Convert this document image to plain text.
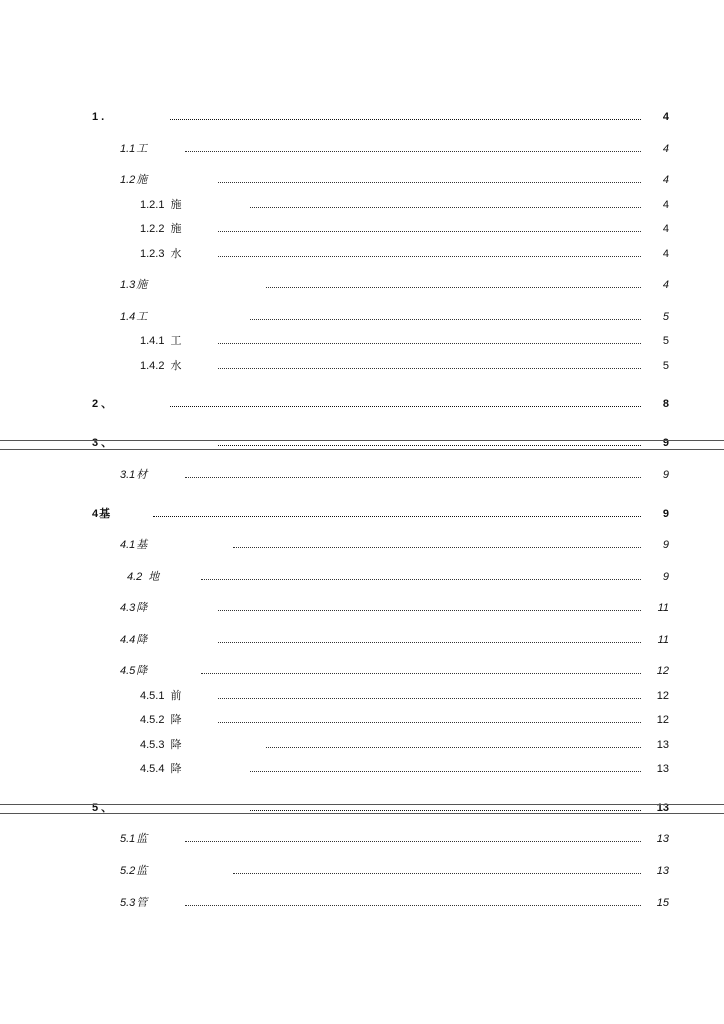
1 .	4
1.1工	4
1.2施	4
1.2.1 施	4
1.2.2 施	4
1.2.3 水	4
1.3施	4
1.4工	5
1.4.1 工	5
1.4.2 水	5
2 、	8
3 、	9
3.1材	9
4基	9
4.1基	9
4.2 地	9
4.3降	11
4.4降	11
4.5降	12
4.5.1 前	12
4.5.2 降	12
4.5.3 降	13
4.5.4 降	13
5 、	13
5.1监	13
5.2监	13
5.3管	15
